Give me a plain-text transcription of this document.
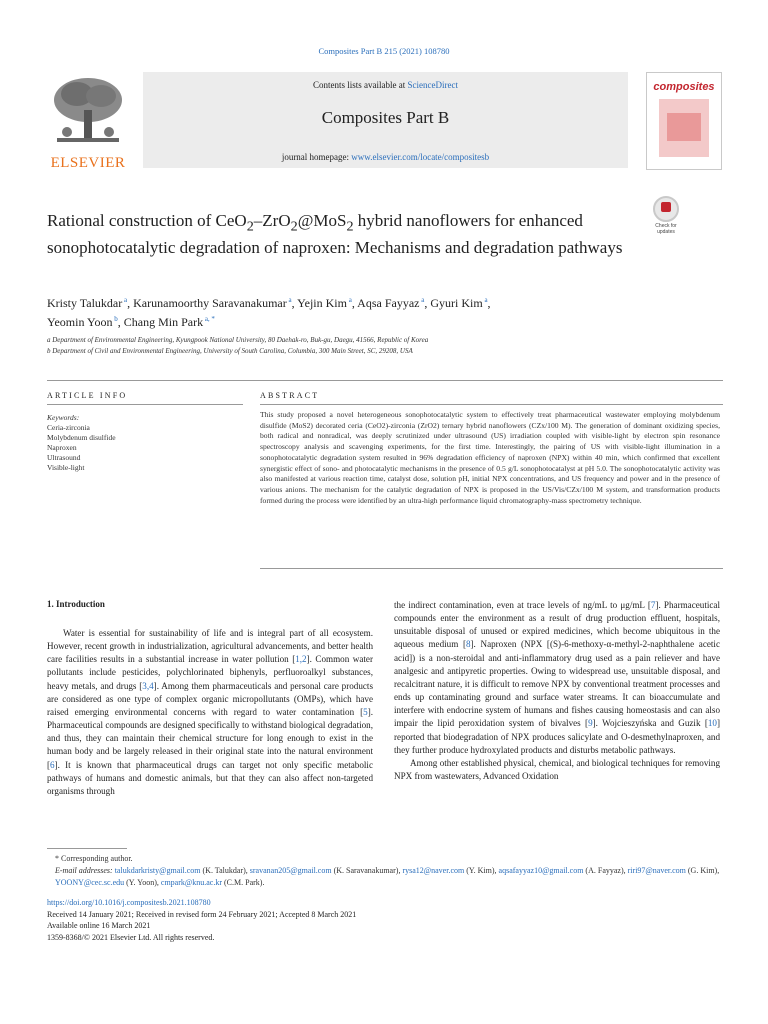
Composites Part B 215 (2021) 108780
ELSEVIER
Contents lists available at ScienceDirect
Composites Part B
journal homepage: www.elsevier.com/locate/compositesb
composites
Check for updates
Rational construction of CeO$_2$–ZrO$_2$@MoS$_2$ hybrid nanoflowers for enhanced sonophotocatalytic degradation of naproxen: Mechanisms and degradation pathways
Kristy Talukdar $^a$, Karunamoorthy Saravanakumar $^a$, Yejin Kim $^a$, Aqsa Fayyaz $^a$, Gyuri Kim $^a$,
Yeomin Yoon $^b$, Chang Min Park $^{a, *}$
a Department of Environmental Engineering, Kyungpook National University, 80 Daehak-ro, Buk-gu, Daegu, 41566, Republic of Korea
b Department of Civil and Environmental Engineering, University of South Carolina, Columbia, 300 Main Street, SC, 29208, USA
ARTICLE INFO	ABSTRACT
Keywords:
Ceria-zirconia
Molybdenum disulfide
Naproxen
Ultrasound
Visible-light
This study proposed a novel heterogeneous sonophotocatalytic system to effectively treat pharmaceutical wastewater employing molybdenum disulfide (MoS2) decorated ceria (CeO2)-zirconia (ZrO2) ternary hybrid nanoflowers (CZx/100 M). The generation of dominant oxidizing species, both radical and nonradical, was deeply scrutinized under ultrasound (US) irradiation coupled with visible-light by electron spin resonance spectroscopy analysis and scavenging experiments, for the first time. Interestingly, the pairing of US with visible-light illumination in a sonophotocatalytic degradation system resulted in 96% degradation efficiency of naproxen (NPX) within 40 min, which confirmed that excellent synergistic effect of sono- and photocatalytic mechanisms in the presence of 0.5 g/L sonophotocatalyst at pH 5.0. The sonophotocatalytic activity was also manifested at various reaction time, catalyst dose, solution pH, initial NPX concentrations, and US frequency and power and in the presence of various anions. The mechanism for the catalytic degradation of NPX is proposed in the US/Vis/CZx/100 M system, and transformation products formed during the process were identified by an ultra-high performance liquid chromatography-mass spectrometry technique.
1. Introduction
Water is essential for sustainability of life and is integral part of all ecosystem. However, recent growth in industrialization, agricultural advancements, and better health care facilities results in a substantial increase in water pollution [1,2]. Common water pollutants include pesticides, polychlorinated biphenyls, perfluoroalkyl substances, heavy metals, and drugs [3,4]. Among them pharmaceuticals and personal care products are considered as one type of complex organic micropollutants (OMPs), which have raised emerging environmental concerns with regard to water contamination [5]. Pharmaceutical compounds are designed specifically to withstand biological degradation, and thus, they can maintain their chemical structure for long enough to exist in the human body and be largely released in their original state into the natural environment [6]. It is known that pharmaceutical drugs can target not only specific metabolic pathways of humans and domestic animals, but that they can also affect non-targeted organisms through

the indirect contamination, even at trace levels of ng/mL to μg/mL [7]. Pharmaceutical compounds enter the environment as a result of drug production effluent, hospitals, unsuitable disposal of unused or expired medicines, which become ubiquitous in the aqueous medium [8]. Naproxen (NPX [(S)-6-methoxy-α-methyl-2-naphthalene acetic acid]) is a non-steroidal and anti-inflammatory drug used as a pain reliever and have analgesic and antipyretic properties. Owing to widespread use, unsuitable disposal, and recalcitrant nature, it is difficult to remove NPX by conventional treatment processes and ends up contaminating ground and surface water streams. It can bioaccumulate and interfere with endocrine system of humans and fishes causing homeostasis and can also impair the lipid peroxidation system of bivalves [9]. Wojcieszyńska and Guzik [10] reported that biodegradation of NPX produces salicylate and O-desmethylnaproxen, and they further produce hydroxylated products and disturbs metabolic pathways.

Among other established physical, chemical, and biological techniques for removing NPX from wastewaters, Advanced Oxidation

* Corresponding author.
E-mail addresses: talukdarkristy@gmail.com (K. Talukdar), sravanan205@gmail.com (K. Saravanakumar), rysa12@naver.com (Y. Kim), aqsafayyaz10@gmail.com (A. Fayyaz), riri97@naver.com (G. Kim), YOONY@cec.sc.edu (Y. Yoon), cmpark@knu.ac.kr (C.M. Park).
https://doi.org/10.1016/j.compositesb.2021.108780
Received 14 January 2021; Received in revised form 24 February 2021; Accepted 8 March 2021
Available online 16 March 2021
1359-8368/© 2021 Elsevier Ltd. All rights reserved.
